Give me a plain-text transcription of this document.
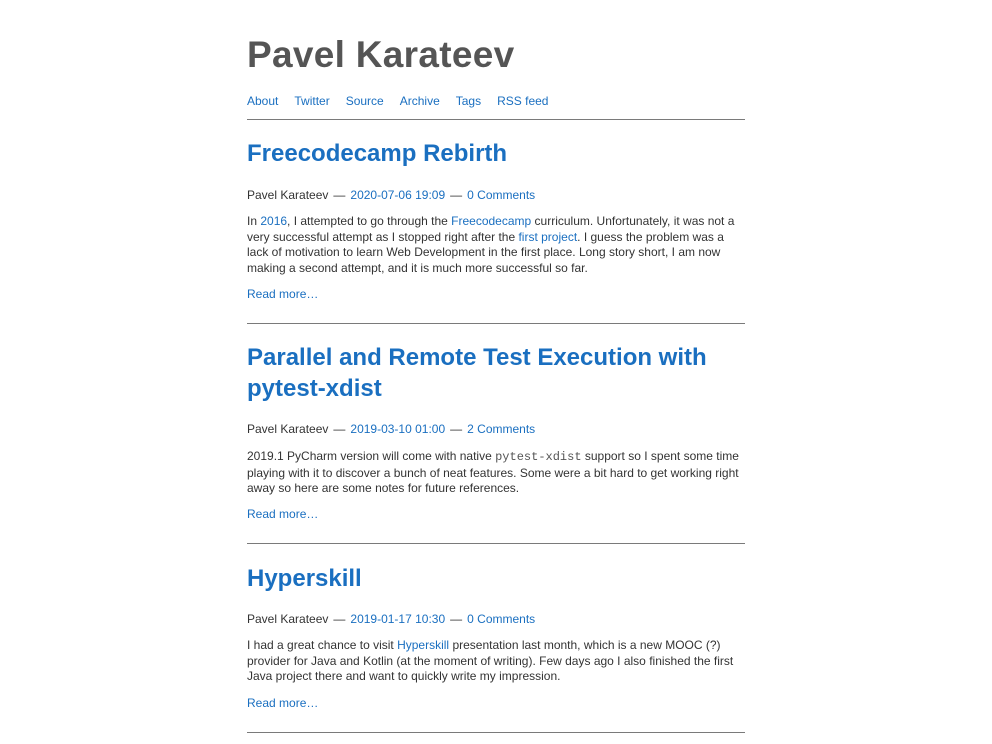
Pavel Karateev
About Twitter Source Archive Tags RSS feed
Freecodecamp Rebirth
Pavel Karateev — 2020-07-06 19:09 — 0 Comments

In 2016, I attempted to go through the Freecodecamp curriculum. Unfortunately, it was not a very successful attempt as I stopped right after the first project. I guess the problem was a lack of motivation to learn Web Development in the first place. Long story short, I am now making a second attempt, and it is much more successful so far.

Read more…
Parallel and Remote Test Execution with pytest-xdist
Pavel Karateev — 2019-03-10 01:00 — 2 Comments

2019.1 PyCharm version will come with native pytest-xdist support so I spent some time playing with it to discover a bunch of neat features. Some were a bit hard to get working right away so here are some notes for future references.

Read more…
Hyperskill
Pavel Karateev — 2019-01-17 10:30 — 0 Comments

I had a great chance to visit Hyperskill presentation last month, which is a new MOOC (?) provider for Java and Kotlin (at the moment of writing). Few days ago I also finished the first Java project there and want to quickly write my impression.

Read more…
